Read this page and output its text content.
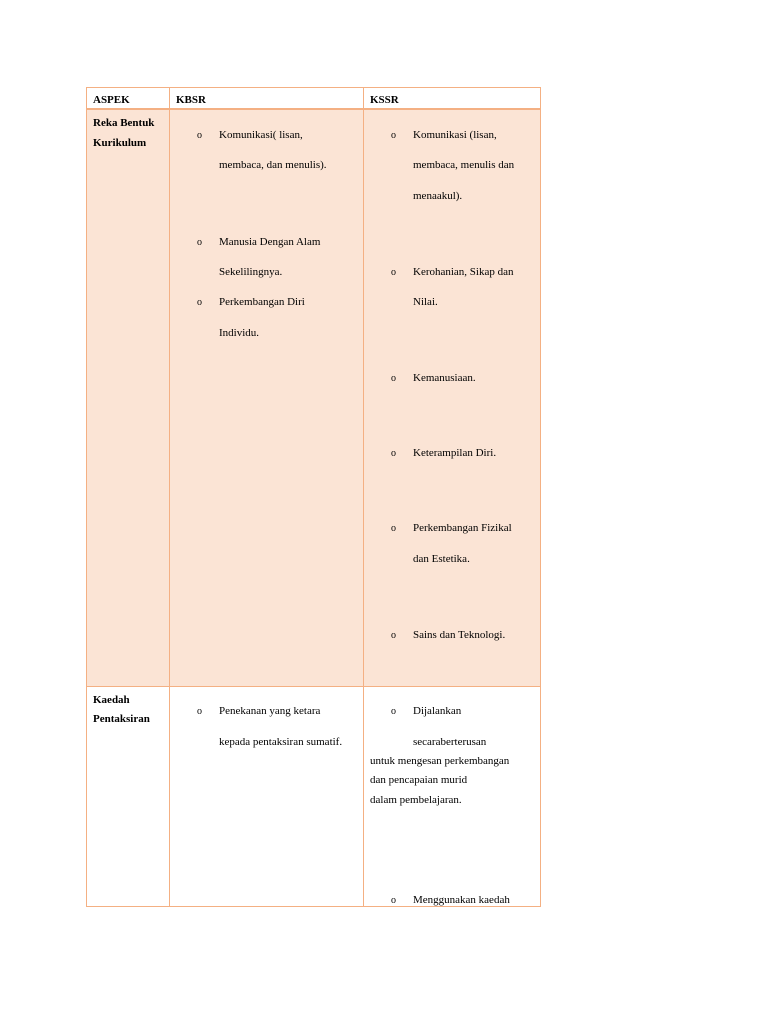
ASPEK	KBSR	KSSR
Reka Bentuk
Kurikulum
o Komunikasi( lisan,
membaca, dan menulis).
o Manusia Dengan Alam
Sekelilingnya.
o Perkembangan Diri
Individu.
o Komunikasi (lisan,
membaca, menulis dan
menaakul).
o Kerohanian, Sikap dan
Nilai.
o Kemanusiaan.
o Keterampilan Diri.
o Perkembangan Fizikal
dan Estetika.
o Sains dan Teknologi.
Kaedah
Pentaksiran
o Penekanan yang ketara
kepada pentaksiran sumatif.
o Dijalankan
secaraberterusan
untuk mengesan perkembangan
dan pencapaian murid
dalam pembelajaran.
o Menggunakan kaedah
